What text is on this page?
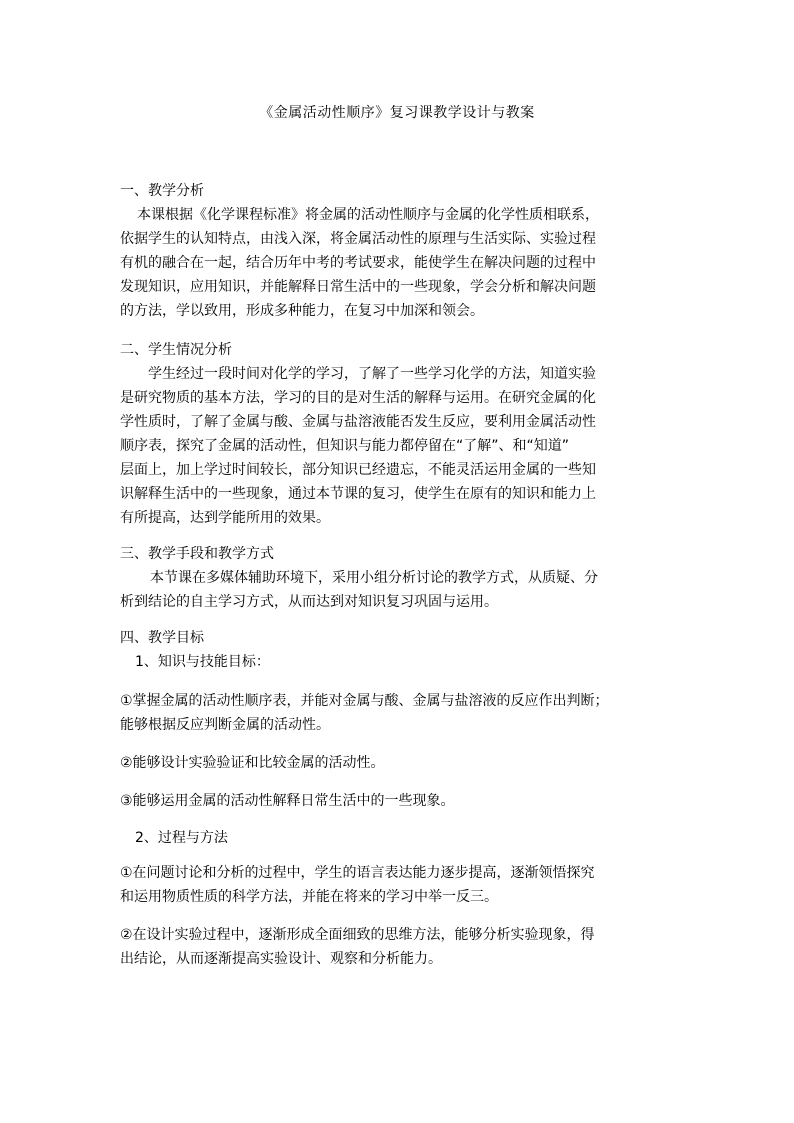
《金属活动性顺序》复习课教学设计与教案

一、教学分析

本课根据《化学课程标准》将金属的活动性顺序与金属的化学性质相联系，

依据学生的认知特点，由浅入深，将金属活动性的原理与生活实际、实验过程

有机的融合在一起，结合历年中考的考试要求，能使学生在解决问题的过程中

发现知识，应用知识，并能解释日常生活中的一些现象，学会分析和解决问题

的方法，学以致用，形成多种能力，在复习中加深和领会。

二、学生情况分析

学生经过一段时间对化学的学习，了解了一些学习化学的方法，知道实验

是研究物质的基本方法，学习的目的是对生活的解释与运用。在研究金属的化

学性质时，了解了金属与酸、金属与盐溶液能否发生反应，要利用金属活动性

顺序表，探究了金属的活动性，但知识与能力都停留在“了解”、和“知道”

层面上，加上学过时间较长，部分知识已经遗忘，不能灵活运用金属的一些知

识解释生活中的一些现象，通过本节课的复习，使学生在原有的知识和能力上

有所提高，达到学能所用的效果。

三、教学手段和教学方式

本节课在多媒体辅助环境下，采用小组分析讨论的教学方式，从质疑、分

析到结论的自主学习方式，从而达到对知识复习巩固与运用。

四、教学目标

1、知识与技能目标：

①掌握金属的活动性顺序表，并能对金属与酸、金属与盐溶液的反应作出判断；

能够根据反应判断金属的活动性。

②能够设计实验验证和比较金属的活动性。

③能够运用金属的活动性解释日常生活中的一些现象。

2、过程与方法

①在问题讨论和分析的过程中，学生的语言表达能力逐步提高，逐渐领悟探究

和运用物质性质的科学方法，并能在将来的学习中举一反三。

②在设计实验过程中，逐渐形成全面细致的思维方法，能够分析实验现象，得

出结论，从而逐渐提高实验设计、观察和分析能力。
